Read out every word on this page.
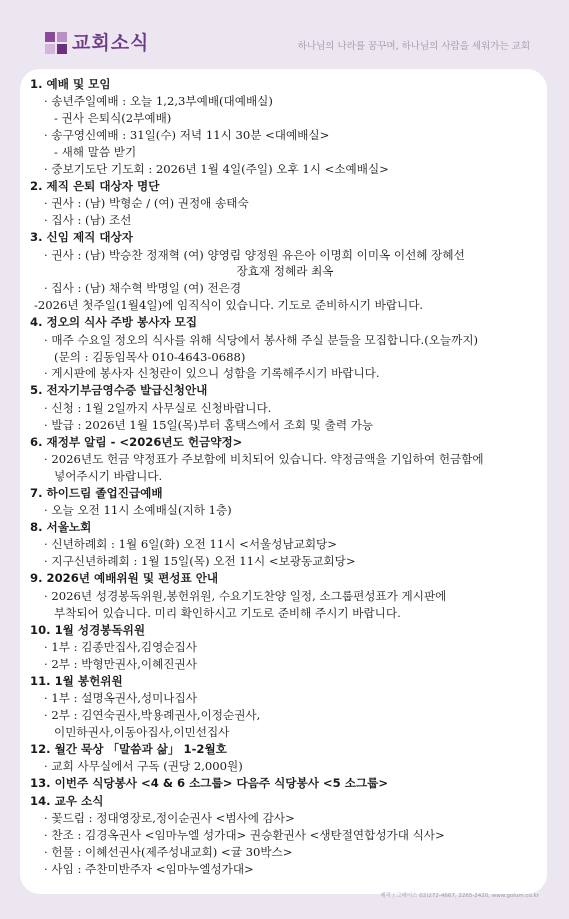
교회소식	하나님의 나라를 꿈꾸며, 하나님의 사람을 세워가는 교회
1. 예배 및 모임
· 송년주일예배 : 오늘 1,2,3부예배(대예배실)
- 권사 은퇴식(2부예배)
· 송구영신예배 : 31일(수) 저녁 11시 30분 <대예배실>
- 새해 말씀 받기
· 중보기도단 기도회 : 2026년 1월 4일(주일) 오후 1시 <소예배실>
2. 제직 은퇴 대상자 명단
· 권사 : (남) 박형순 / (여) 권정애 송태숙
· 집사 : (남) 조선
3. 신임 제직 대상자
· 권사 : (남) 박승찬 정재혁 (여) 양영림 양정원 유은아 이명희 이미옥 이선혜 장혜선
장효재 정혜라 최옥
· 집사 : (남) 채수혁 박명일 (여) 전은경
-2026년 첫주일(1월4일)에 임직식이 있습니다. 기도로 준비하시기 바랍니다.
4. 정오의 식사 주방 봉사자 모집
· 매주 수요일 정오의 식사를 위해 식당에서 봉사해 주실 분들을 모집합니다.(오늘까지)
(문의 : 김동임목사 010-4643-0688)
· 게시판에 봉사자 신청란이 있으니 성함을 기록해주시기 바랍니다.
5. 전자기부금영수증 발급신청안내
· 신청 : 1월 2일까지 사무실로 신청바랍니다.
· 발급 : 2026년 1월 15일(목)부터 홈택스에서 조회 및 출력 가능
6. 재정부 알림 - <2026년도 헌금약정>
· 2026년도 헌금 약정표가 주보함에 비치되어 있습니다. 약정금액을 기입하여 헌금함에
넣어주시기 바랍니다.
7. 하이드림 졸업진급예배
· 오늘 오전 11시 소예배실(지하 1층)
8. 서울노회
· 신년하례회 : 1월 6일(화) 오전 11시 <서울성남교회당>
· 지구신년하례회 : 1월 15일(목) 오전 11시 <보광동교회당>
9. 2026년 예배위원 및 편성표 안내
· 2026년 성경봉독위원,봉헌위원, 수요기도찬양 일정, 소그룹편성표가 게시판에
부착되어 있습니다. 미리 확인하시고 기도로 준비해 주시기 바랍니다.
10. 1월 성경봉독위원
· 1부 : 김종만집사,김영순집사
· 2부 : 박형만권사,이혜진권사
11. 1월 봉헌위원
· 1부 : 설명옥권사,성미나집사
· 2부 : 김연숙권사,박용례권사,이정순권사,
이민하권사,이동아집사,이민선집사
12. 월간 묵상 「말씀과 삶」 1-2월호
· 교회 사무실에서 구독 (권당 2,000원)
13. 이번주 식당봉사 <4 & 6 소그룹> 다음주 식당봉사 <5 소그룹>
14. 교우 소식
· 꽃드림 : 정대영장로,정이순권사 <범사에 감사>
· 찬조 : 김경옥권사 <임마누엘 성가대> 권승환권사 <생탄절연합성가대 식사>
· 헌물 : 이혜선권사(제주성내교회) <귤 30박스>
· 사임 : 주찬미반주자 <임마누엘성가대>
제작 / 그레이스 02)272-4667, 2265-2420, www.golum.co.kr
